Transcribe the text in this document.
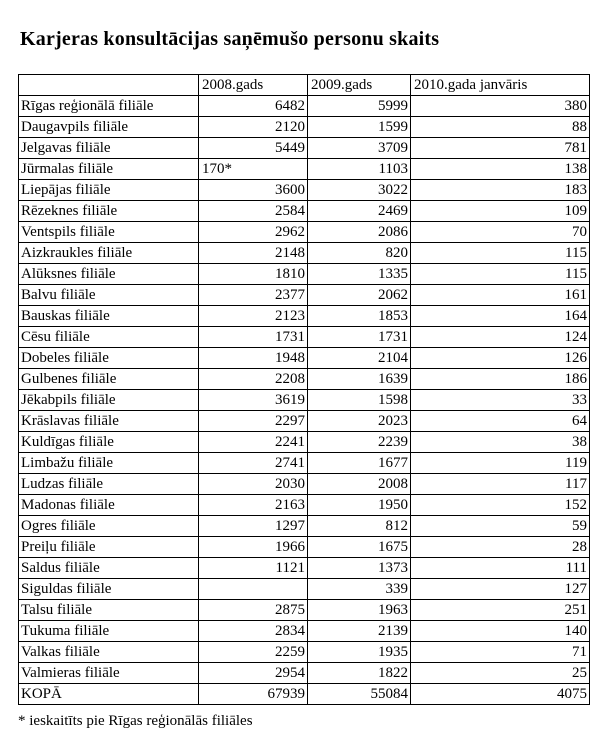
Karjeras konsultācijas saņēmušo personu skaits
	2008.gads	2009.gads	2010.gada janvāris
Rīgas reģionālā filiāle	6482	5999	380
Daugavpils filiāle	2120	1599	88
Jelgavas filiāle	5449	3709	781
Jūrmalas filiāle	170*	1103	138
Liepājas filiāle	3600	3022	183
Rēzeknes filiāle	2584	2469	109
Ventspils filiāle	2962	2086	70
Aizkraukles filiāle	2148	820	115
Alūksnes filiāle	1810	1335	115
Balvu filiāle	2377	2062	161
Bauskas filiāle	2123	1853	164
Cēsu filiāle	1731	1731	124
Dobeles filiāle	1948	2104	126
Gulbenes filiāle	2208	1639	186
Jēkabpils filiāle	3619	1598	33
Krāslavas filiāle	2297	2023	64
Kuldīgas filiāle	2241	2239	38
Limbažu filiāle	2741	1677	119
Ludzas filiāle	2030	2008	117
Madonas filiāle	2163	1950	152
Ogres filiāle	1297	812	59
Preiļu filiāle	1966	1675	28
Saldus filiāle	1121	1373	111
Siguldas filiāle		339	127
Talsu filiāle	2875	1963	251
Tukuma filiāle	2834	2139	140
Valkas filiāle	2259	1935	71
Valmieras filiāle	2954	1822	25
KOPĀ	67939	55084	4075
* ieskaitīts pie Rīgas reģionālās filiāles
